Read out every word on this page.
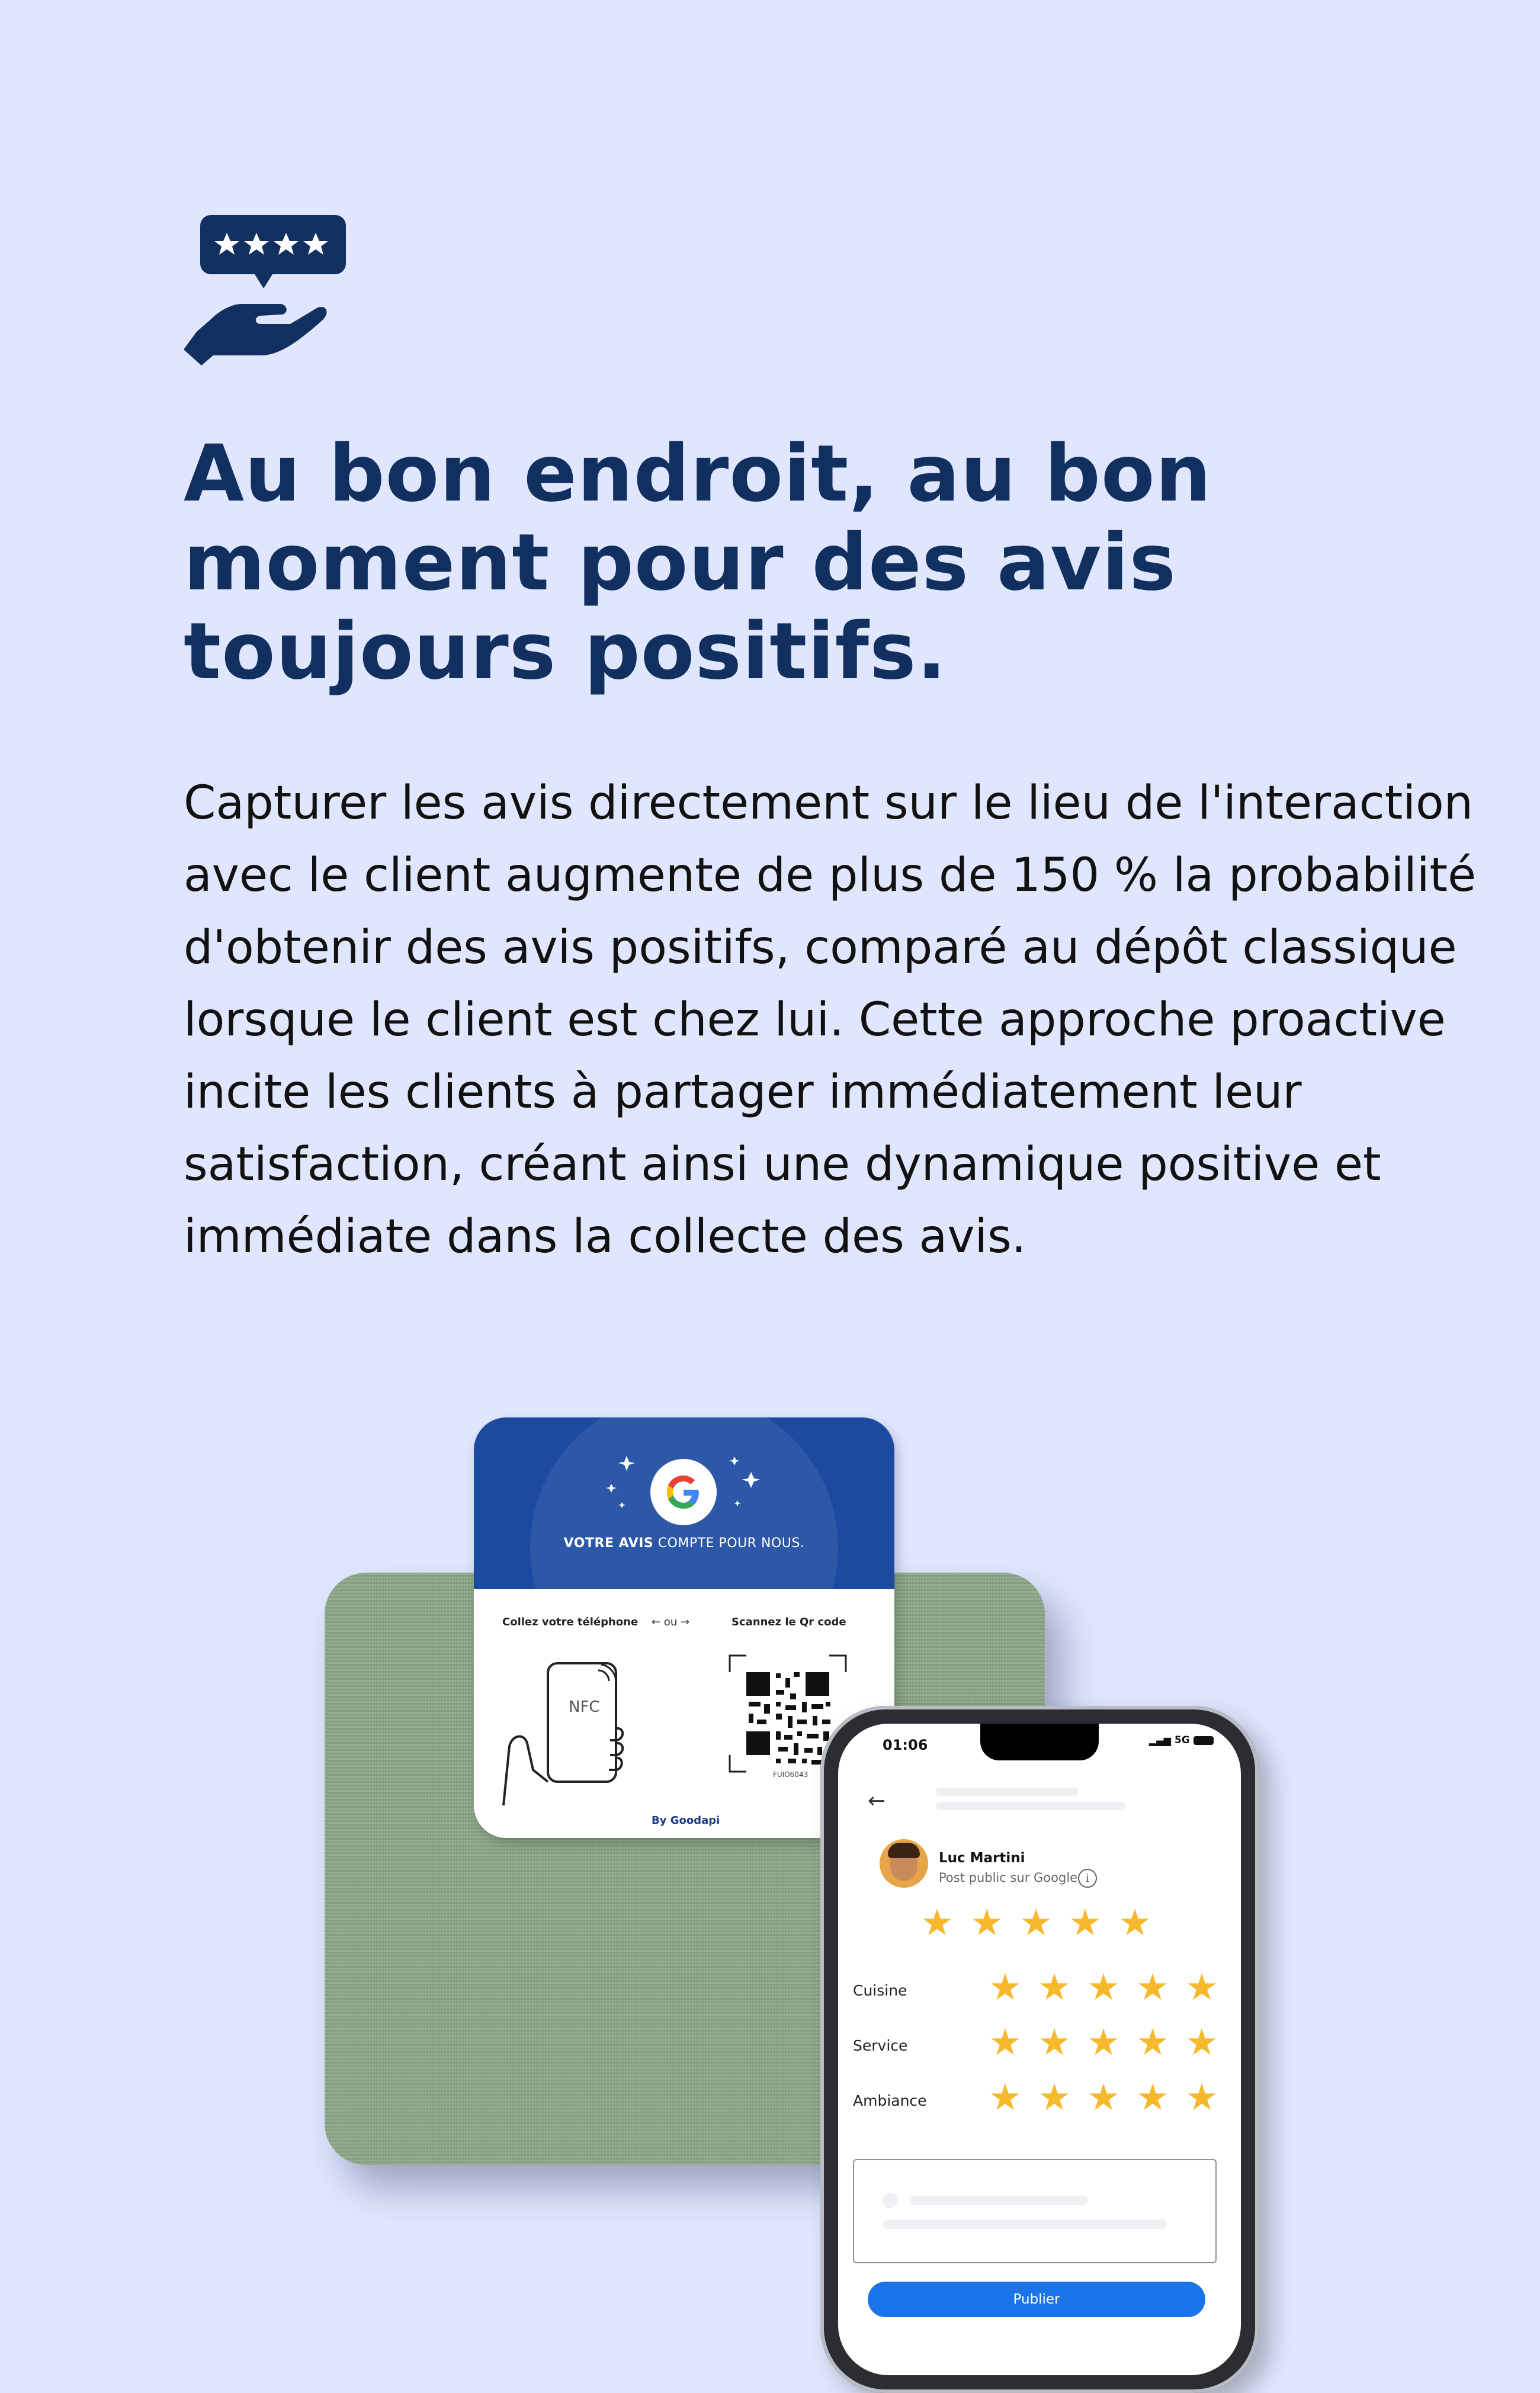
Au bon endroit, au bon
moment pour des avis
toujours positifs.

Capturer les avis directement sur le lieu de l'interaction
avec le client augmente de plus de 150 % la probabilité
d'obtenir des avis positifs, comparé au dépôt classique
lorsque le client est chez lui. Cette approche proactive
incite les clients à partager immédiatement leur
satisfaction, créant ainsi une dynamique positive et
immédiate dans la collecte des avis.

VOTRE AVIS COMPTE POUR NOUS.
Collez votre téléphone ← ou →	Scannez le Qr code
NFC
FUIO6043
By Goodapi
01:06	▂▄▆ 5G
←
Luc Martini
Post public sur Google i
★ ★ ★ ★ ★
Cuisine ★ ★ ★ ★ ★
Service ★ ★ ★ ★ ★
Ambiance ★ ★ ★ ★ ★
Publier
